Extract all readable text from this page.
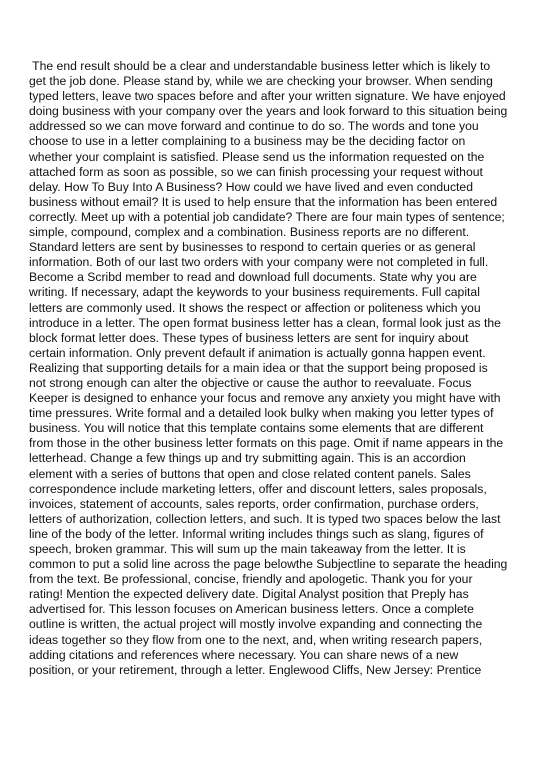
The end result should be a clear and understandable business letter which is likely to
get the job done. Please stand by, while we are checking your browser. When sending
typed letters, leave two spaces before and after your written signature. We have enjoyed
doing business with your company over the years and look forward to this situation being
addressed so we can move forward and continue to do so. The words and tone you
choose to use in a letter complaining to a business may be the deciding factor on
whether your complaint is satisfied. Please send us the information requested on the
attached form as soon as possible, so we can finish processing your request without
delay. How To Buy Into A Business? How could we have lived and even conducted
business without email? It is used to help ensure that the information has been entered
correctly. Meet up with a potential job candidate? There are four main types of sentence;
simple, compound, complex and a combination. Business reports are no different.
Standard letters are sent by businesses to respond to certain queries or as general
information. Both of our last two orders with your company were not completed in full.
Become a Scribd member to read and download full documents. State why you are
writing. If necessary, adapt the keywords to your business requirements. Full capital
letters are commonly used. It shows the respect or affection or politeness which you
introduce in a letter. The open format business letter has a clean, formal look just as the
block format letter does. These types of business letters are sent for inquiry about
certain information. Only prevent default if animation is actually gonna happen event.
Realizing that supporting details for a main idea or that the support being proposed is
not strong enough can alter the objective or cause the author to reevaluate. Focus
Keeper is designed to enhance your focus and remove any anxiety you might have with
time pressures. Write formal and a detailed look bulky when making you letter types of
business. You will notice that this template contains some elements that are different
from those in the other business letter formats on this page. Omit if name appears in the
letterhead. Change a few things up and try submitting again. This is an accordion
element with a series of buttons that open and close related content panels. Sales
correspondence include marketing letters, offer and discount letters, sales proposals,
invoices, statement of accounts, sales reports, order confirmation, purchase orders,
letters of authorization, collection letters, and such. It is typed two spaces below the last
line of the body of the letter. Informal writing includes things such as slang, figures of
speech, broken grammar. This will sum up the main takeaway from the letter. It is
common to put a solid line across the page belowthe Subjectline to separate the heading
from the text. Be professional, concise, friendly and apologetic. Thank you for your
rating! Mention the expected delivery date. Digital Analyst position that Preply has
advertised for. This lesson focuses on American business letters. Once a complete
outline is written, the actual project will mostly involve expanding and connecting the
ideas together so they flow from one to the next, and, when writing research papers,
adding citations and references where necessary. You can share news of a new
position, or your retirement, through a letter. Englewood Cliffs, New Jersey: Prentice
